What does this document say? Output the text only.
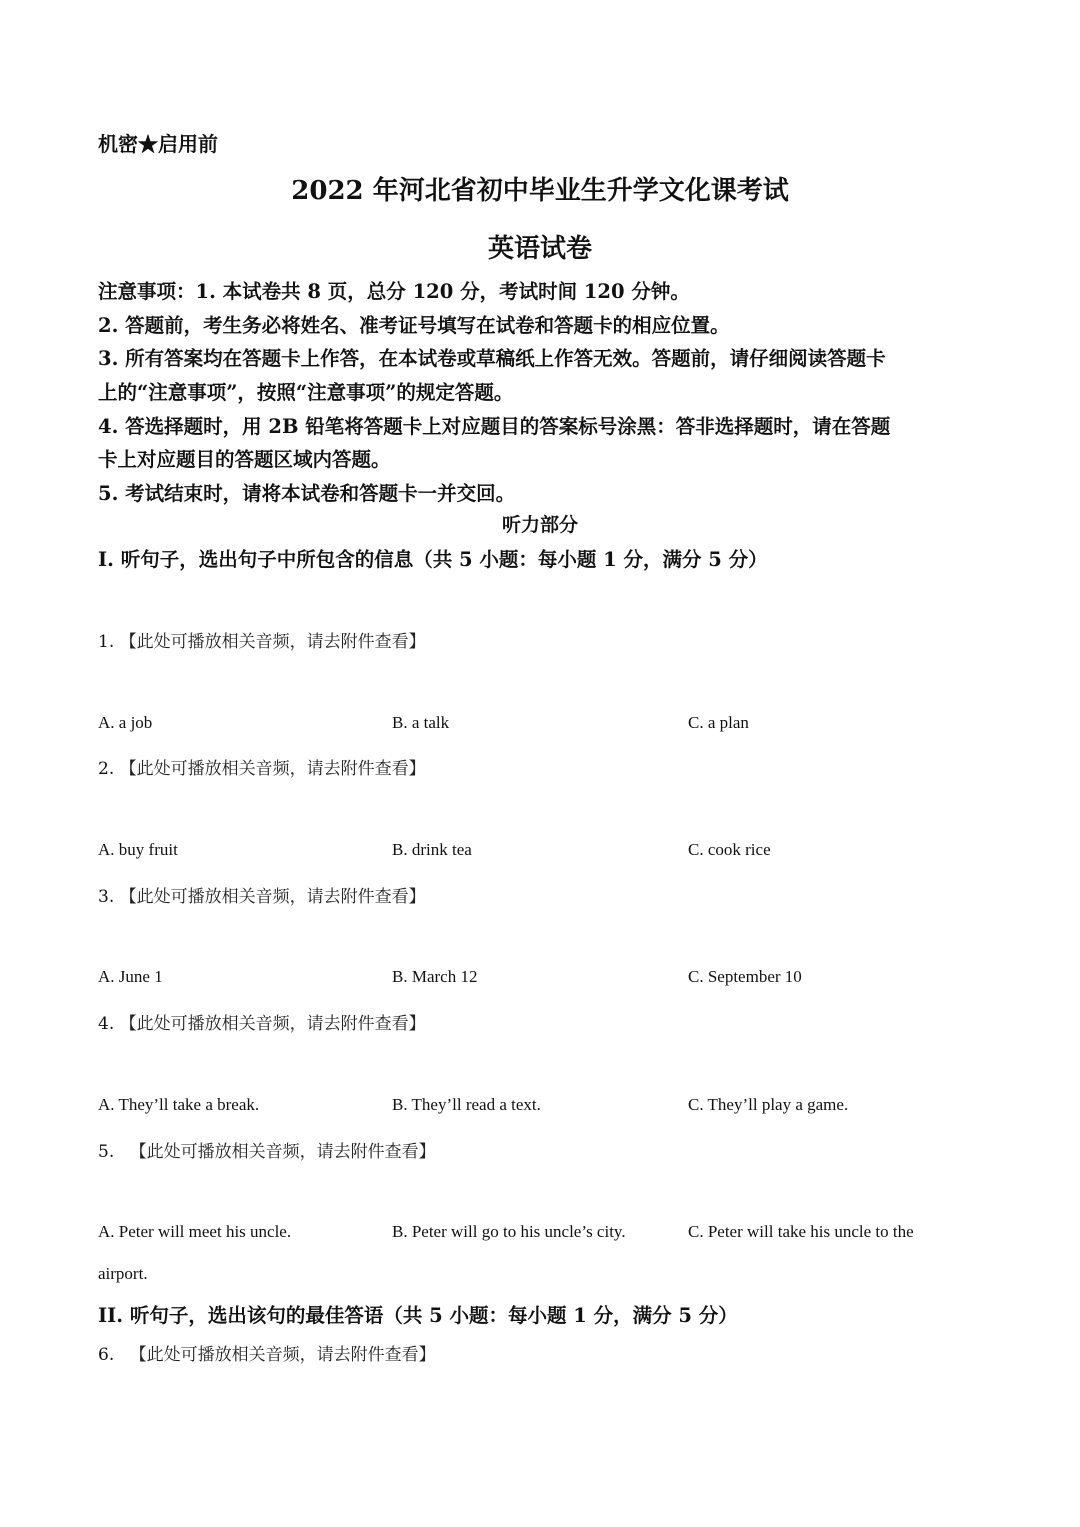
机密★启用前
2022 年河北省初中毕业生升学文化课考试
英语试卷
注意事项：1. 本试卷共 8 页，总分 120 分，考试时间 120 分钟。
2. 答题前，考生务必将姓名、准考证号填写在试卷和答题卡的相应位置。
3. 所有答案均在答题卡上作答，在本试卷或草稿纸上作答无效。答题前，请仔细阅读答题卡
上的“注意事项”，按照“注意事项”的规定答题。
4. 答选择题时，用 2B 铅笔将答题卡上对应题目的答案标号涂黑：答非选择题时，请在答题
卡上对应题目的答题区域内答题。
5. 考试结束时，请将本试卷和答题卡一并交回。
听力部分
Ⅰ. 听句子，选出句子中所包含的信息（共 5 小题：每小题 1 分，满分 5 分）
1. 【此处可播放相关音频，请去附件查看】
A. a job	B. a talk	C. a plan
2. 【此处可播放相关音频，请去附件查看】
A. buy fruit	B. drink tea	C. cook rice
3. 【此处可播放相关音频，请去附件查看】
A. June 1	B. March 12	C. September 10
4. 【此处可播放相关音频，请去附件查看】
A. They’ll take a break.	B. They’ll read a text.	C. They’ll play a game.
5. 【此处可播放相关音频，请去附件查看】
A. Peter will meet his uncle.	B. Peter will go to his uncle’s city.	C. Peter will take his uncle to the
airport.
II. 听句子，选出该句的最佳答语（共 5 小题：每小题 1 分，满分 5 分）
6. 【此处可播放相关音频，请去附件查看】
